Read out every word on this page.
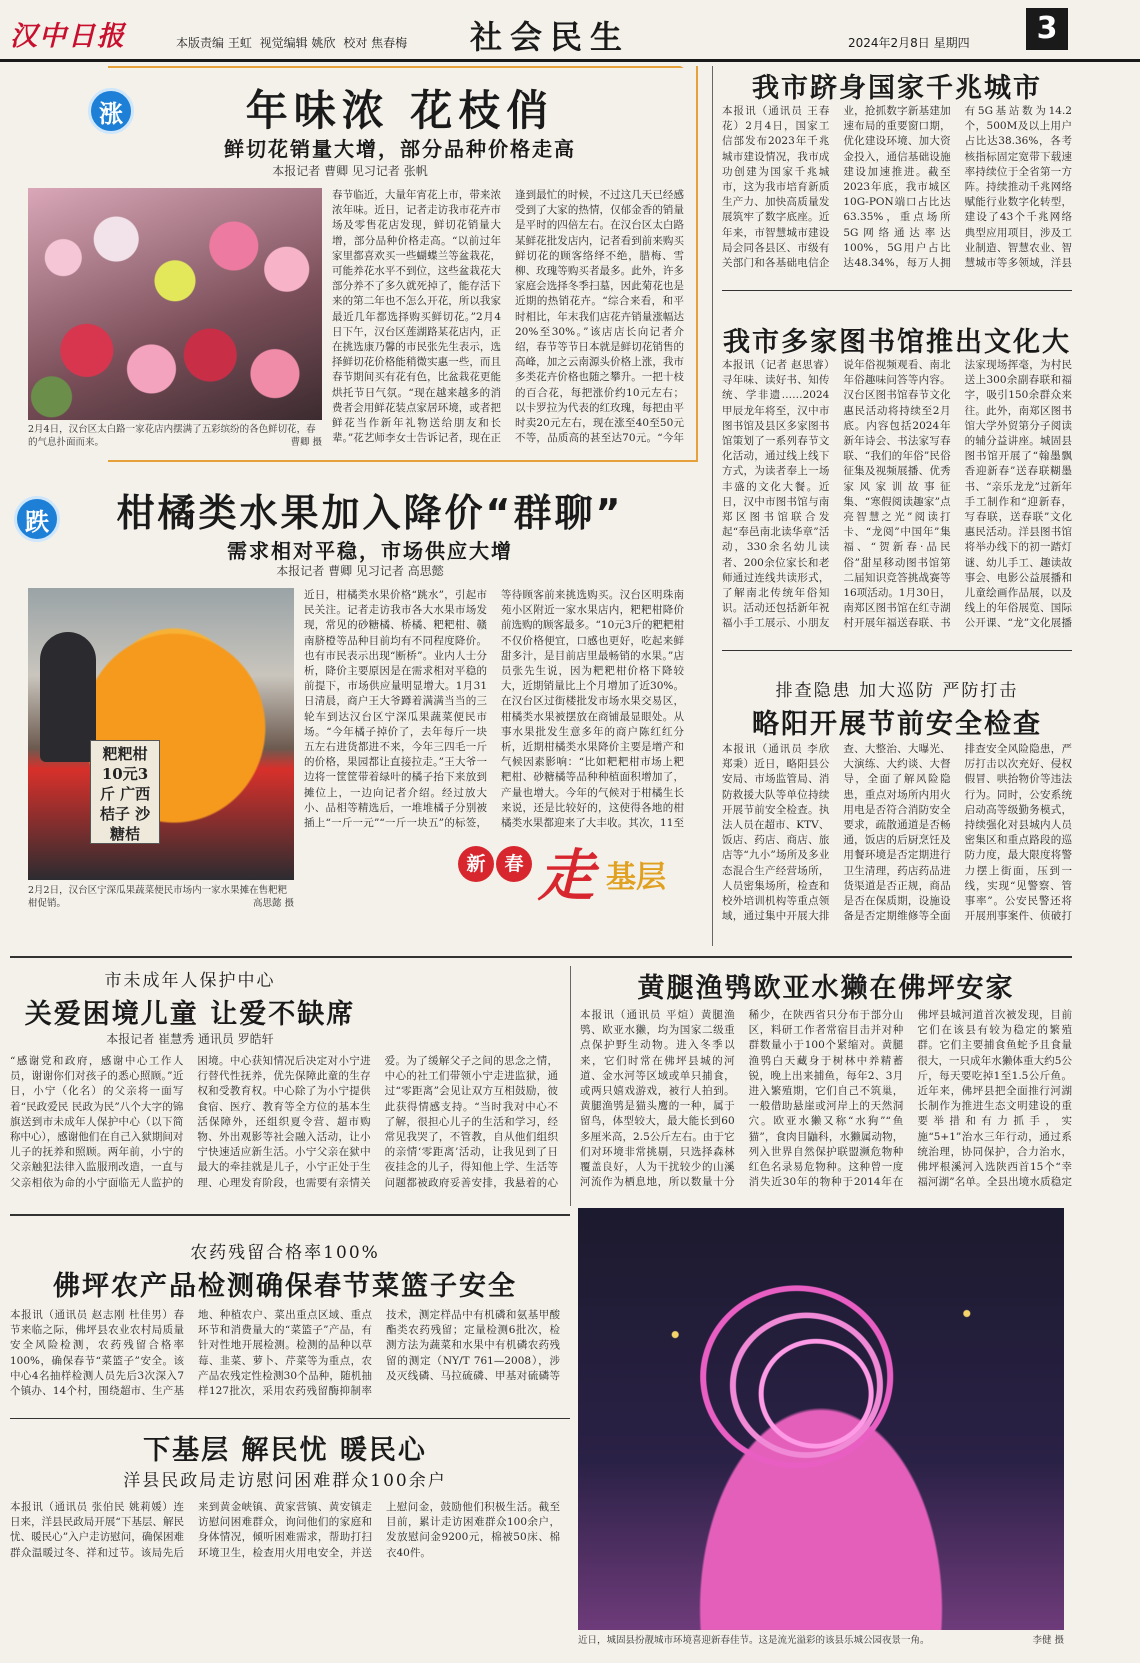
汉中日报	本版责编 王虹 视觉编辑 姚欣 校对 焦春梅 社会民生	2024年2月8日 星期四	3
涨	年味浓 花枝俏
鲜切花销量大增，部分品种价格走高
本报记者 曹卿 见习记者 张帆
2月4日，汉台区太白路一家花店内摆满了五彩缤纷的各色鲜切花，春的气息扑面而来。	曹卿 摄
春节临近，大量年宵花上市，带来浓浓年味。近日，记者走访我市花卉市场及零售花店发现，鲜切花销量大增，部分品种价格走高。“以前过年家里都喜欢买一些蝴蝶兰等盆栽花，可能养花水平不到位，这些盆栽花大部分养不了多久就死掉了，能存活下来的第二年也不怎么开花，所以我家最近几年都选择购买鲜切花。”2月4日下午，汉台区莲湖路某花店内，正在挑选康乃馨的市民张先生表示，选择鲜切花价格能稍微实惠一些，而且春节期间买有花有色，比盆栽花更能烘托节日气氛。“现在越来越多的消费者会用鲜花装点家居环境，或者把鲜花当作新年礼物送给朋友和长辈。”花艺师李女士告诉记者，现在正逢到最忙的时候，不过这几天已经感受到了大家的热情，仅郁金香的销量是平时的四倍左右。在汉台区太白路某鲜花批发店内，记者看到前来购买鲜切花的顾客络绎不绝，腊梅、雪柳、玫瑰等购买者最多。此外，许多家庭会选择冬季扫墓，因此菊花也是近期的热销花卉。“综合来看，和平时相比，年末我们店花卉销量涨幅达20%至30%。”该店店长向记者介绍，春节等节日本就是鲜切花销售的高峰，加之云南源头价格上涨，我市多类花卉价格也随之攀升。一把十枝的百合花，每把涨价约10元左右；以卡罗拉为代表的红玫瑰，每把由平时卖20元左右，现在涨至40至50元不等，品质高的甚至达70元。“今年
跌	柑橘类水果加入降价“群聊”
需求相对平稳，市场供应大增
本报记者 曹卿 见习记者 高思懿
粑粑柑 10元3斤 广西 桔子 沙糖桔
2月2日，汉台区宁深瓜果蔬菜便民市场内一家水果摊在售粑粑柑促销。	高思懿 摄
近日，柑橘类水果价格“跳水”，引起市民关注。记者走访我市各大水果市场发现，常见的砂糖橘、桥橘、粑粑柑、赣南脐橙等品种目前均有不同程度降价。也有市民表示出现“断桥”。业内人士分析，降价主要原因是在需求相对平稳的前提下，市场供应量明显增大。1月31日清晨，商户王大爷蹲着满满当当的三轮车到达汉台区宁深瓜果蔬菜便民市场。“今年橘子掉价了，去年每斤一块五左右进货都进不来，今年三四毛一斤的价格，果园都让直接拉走。”王大爷一边将一筐筐带着绿叶的橘子抬下来放到摊位上，一边向记者介绍。经过放大小、品相等精选后，一堆堆橘子分别被插上“一斤一元”“一斤一块五”的标签，等待顾客前来挑选购买。汉台区明珠南苑小区附近一家水果店内，粑粑柑降价前选购的顾客最多。“10元3斤的粑粑柑不仅价格便宜，口感也更好，吃起来鲜甜多汁，是目前店里最畅销的水果。”店员张先生说，因为粑粑柑价格下降较大，近期销量比上个月增加了近30%。在汉台区过街楼批发市场水果交易区，柑橘类水果被摆放在商铺最显眼处。从事水果批发生意多年的商户陈红红分析，近期柑橘类水果降价主要是增产和气候因素影响：“比如粑粑柑市场上粑粑柑、砂糖橘等品种种植面积增加了，产量也增大。今年的气候对于柑橘生长来说，还是比较好的，这使得各地的柑橘类水果都迎来了大丰收。其次，11至
新 春 走 基层
我市跻身国家千兆城市
本报讯（通讯员 王春花）2月4日，国家工信部发布2023年千兆城市建设情况，我市成功创建为国家千兆城市，这为我市培育新质生产力、加快高质量发展筑牢了数字底座。近年来，市智慧城市建设局会同各县区、市级有关部门和各基础电信企业，抢抓数字新基建加速布局的重要窗口期，优化建设环境、加大资金投入，通信基础设施建设加速推进。截至2023年底，我市城区10G-PON端口占比达63.35%，重点场所5G网络通达率达100%，5G用户占比达48.34%，每万人拥有5G基站数为14.2个，500M及以上用户占比达38.36%，各考核指标固定宽带下载速率持续位于全省第一方阵。持续推动千兆网络赋能行业数字化转型，建设了43个千兆网络典型应用项目，涉及工业制造、智慧农业、智慧城市等多领域，洋县
我市多家图书馆推出文化大
本报讯（记者 赵思睿）寻年味、读好书、知传统、学非遗……2024甲辰龙年将至，汉中市图书馆及县区多家图书馆策划了一系列春节文化活动，通过线上线下方式，为读者奉上一场丰盛的文化大餐。近日，汉中市图书馆与南郑区图书馆联合发起“奉邑南北读华章”活动，330余名幼儿读者、200余位家长和老师通过连线共读形式，了解南北传统年俗知识。活动还包括新年祝福小手工展示、小朋友说年俗视频观看、南北年俗趣味问答等内容。汉台区图书馆春节文化惠民活动将持续至2月底。内容包括2024年新年诗会、书法家写春联、“我们的年俗”民俗征集及视频展播、优秀家风家训故事征集、“寒假阅读趣家”点亮智慧之光”阅读打卡、“龙阅”中国年”集福、“贺新春·品民俗”甜星移动图书馆第二届知识竞答挑战赛等16项活动。1月30日，南郑区图书馆在红寺湖村开展年福送春联、书法家现场挥毫，为村民送上300余副春联和福字，吸引150余群众来往。此外，南郑区图书馆大学外贸第分子阅读的辅分益讲座。城固县图书馆开展了“翰墨飘香迎新春”送春联糊墨书、“亲乐龙龙”过新年手工制作和“迎新春，写春联，送春联”文化惠民活动。洋县图书馆将举办线下的初一踏灯谜、幼儿手工、趣读故事会、电影公益展播和儿童绘画作品展，以及线上的年俗展览、国际公开课、“龙”文化展播
排查隐患 加大巡防 严防打击
略阳开展节前安全检查
本报讯（通讯员 李欣 郑秉）近日，略阳县公安局、市场监管局、消防救援大队等单位持续开展节前安全检查。执法人员在超市、KTV、饭店、药店、商店、旅店等“九小”场所及多业态混合生产经营场所，人员密集场所，检查和校外培训机构等重点领域，通过集中开展大排查、大整治、大曝光、大演练、大约谈、大督导，全面了解风险隐患，重点对场所内用火用电是否符合消防安全要求，疏散通道是否畅通，饭店的后厨烹饪及用餐环境是否定期进行卫生清理，药店药品进货渠道是否正规，商品是否在保质期，设施设备是否定期维修等全面排查安全风险隐患，严厉打击以次充好、侵权假冒、哄抬物价等违法行为。同时，公安系统启动高等级勤务模式，持续强化对县城内人员密集区和重点路段的巡防力度，最大限度将警力摆上街面，压到一线，实现“见警察、管事率”。公安民警还将开展刑事案件、侦破打
市未成年人保护中心
关爱困境儿童 让爱不缺席
本报记者 崔慧秀 通讯员 罗皓轩
“感谢党和政府，感谢中心工作人员，谢谢你们对孩子的悉心照顾。”近日，小宁（化名）的父亲将一面写着“民政爱民 民政为民”八个大字的锦旗送到市未成年人保护中心（以下简称中心），感谢他们在自己入狱期间对儿子的抚养和照顾。两年前，小宁的父亲触犯法律入监服刑改造，一直与父亲相依为命的小宁面临无人监护的困境。中心获知情况后决定对小宁进行替代性抚养，优先保障此童的生存权和受教育权。中心除了为小宁提供食宿、医疗、教育等全方位的基本生活保障外，还组织夏令营、超市购物、外出观影等社会融入活动，让小宁快速适应新生活。小宁父亲在狱中最大的牵挂就是儿子，小宁正处于生理、心理发育阶段，也需要有亲情关爱。为了缓解父子之间的思念之情，中心的社工们带领小宁走进监狱，通过“零距离”会见让双方互相鼓励，彼此获得情感支持。“当时我对中心不了解，很担心儿子的生活和学习，经常见我哭了，不管教，自从他们组织的亲情‘零距离’活动，让我见到了日夜挂念的儿子，得知他上学、生活等问题都被政府妥善安排，我悬着的心
黄腿渔鸮欧亚水獭在佛坪安家
本报讯（通讯员 平煊）黄腿渔鸮、欧亚水獭，均为国家二级重点保护野生动物。进入冬季以来，它们时常在佛坪县城的河道、金水河等区域或单只捕食，或两只嬉戏游戏，被行人拍到。黄腿渔鸮是猫头鹰的一种，属于留鸟，体型较大，最大能长到60多厘米高，2.5公斤左右。由于它们对环境非常挑剔，只选择森林覆盖良好，人为干扰较少的山溪河流作为栖息地，所以数量十分稀少，在陕西省只分布于部分山区，料研工作者常宿目击并对种群数量小于100个紧缩对。黄腿渔鸮白天藏身于树林中养精蓄锐，晚上出来捕鱼，每年2、3月进入繁殖期，它们自己不筑巢，一般借助悬崖或河岸上的天然洞穴。欧亚水獭又称“水狗”“鱼猫”，食肉目鼬科，水獭属动物，列入世界自然保护联盟濒危物种红色名录易危物种。这种曾一度消失近30年的物种于2014年在佛坪县城河道首次被发现，目前它们在该县有较为稳定的繁殖群。它们主要捕食鱼蛇予且食量很大，一只成年水獭体重大约5公斤，每天要吃掉1至1.5公斤鱼。近年来，佛坪县把全面推行河湖长制作为推进生态文明建设的重要举措和有力抓手，实施“5+1”治水三年行动，通过系统治理，协同保护，合力治水，佛坪根溪河入选陕西首15个“幸福河湖”名单。全县出境水质稳定
农药残留合格率100%
佛坪农产品检测确保春节菜篮子安全
本报讯（通讯员 赵志刚 杜佳男）春节来临之际，佛坪县农业农村局质量安全风险检测，农药残留合格率100%，确保春节“菜篮子”安全。该中心4名抽样检测人员先后3次深入7个镇办、14个村，围绕超市、生产基地、种植农户、菜出重点区域、重点环节和消费量大的“菜篮子”产品，有针对性地开展检测。检测的品种以草莓、韭菜、萝卜、芹菜等为重点，农产品农残定性检测30个品种，随机抽样127批次，采用农药残留酶抑制率技术，测定样品中有机磷和氨基甲酸酯类农药残留；定量检测6批次，检测方法为蔬菜和水果中有机磷农药残留的测定（NY/T 761—2008），涉及灭线磷、马拉硫磷、甲基对硫磷等
下基层 解民忧 暖民心
洋县民政局走访慰问困难群众100余户
本报讯（通讯员 张伯民 姚莉媛）连日来，洋县民政局开展“下基层、解民忧、暖民心”入户走访慰问，确保困难群众温暖过冬、祥和过节。该局先后来到黄金峡镇、黄家营镇、黄安镇走访慰问困难群众，询问他们的家庭和身体情况，倾听困难需求，帮助打扫环境卫生，检查用火用电安全，并送上慰问金，鼓励他们积极生活。截至目前，累计走访困难群众100余户，发放慰问金9200元，棉被50床、棉衣40件。
近日，城固县扮靓城市环境喜迎新春佳节。这是流光溢彩的该县乐城公园夜景一角。	李健 摄
